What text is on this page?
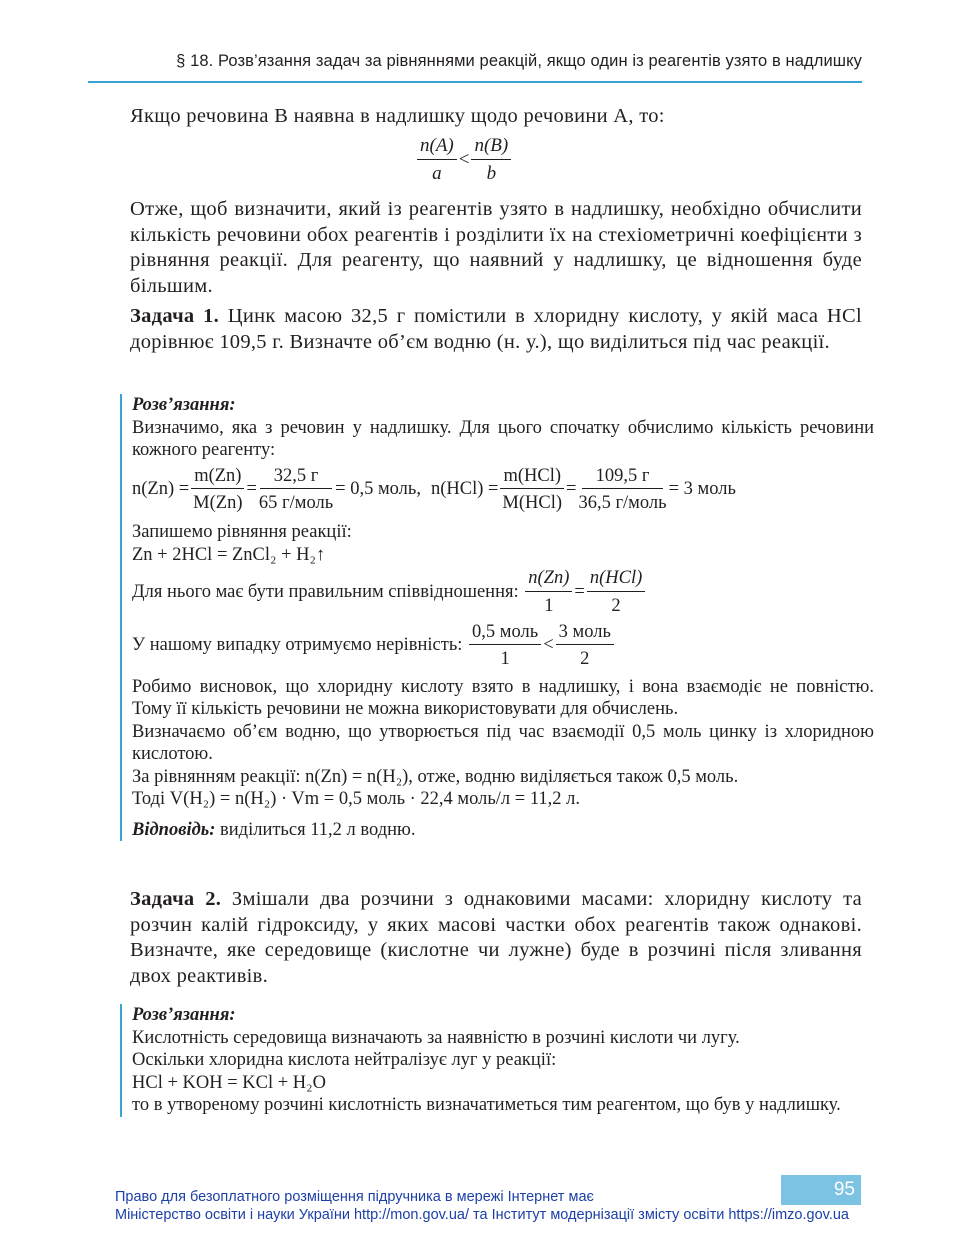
§ 18. Розв’язання задач за рівняннями реакцій, якщо один із реагентів узято в надлишку
Якщо речовина B наявна в надлишку щодо речовини A, то:
$\frac{n(A)}{a} < \frac{n(B)}{b}$
Отже, щоб визначити, який із реагентів узято в надлишку, необхідно обчислити кількість речовини обох реагентів і розділити їх на стехіометричні коефіцієнти з рівняння реакції. Для реагенту, що наявний у надлишку, це відношення буде більшим.
Задача 1. Цинк масою 32,5 г помістили в хлоридну кислоту, у якій маса HCl дорівнює 109,5 г. Визначте об’єм водню (н. у.), що виділиться під час реакції.

Розв’язання:

Визначимо, яка з речовин у надлишку. Для цього спочатку обчислимо кількість речовини кожного реагенту:

$n(Zn) = \frac{m(Zn)}{M(Zn)} = \frac{32,5 г}{\text{65 г/моль}} = 0,5$ моль, $n(HCl) = \frac{\text{m(HCl)}}{\text{M(HCl)}} = \frac{109,5 г}{\text{36,5 г/моль}} = 3$ моль

Запишемо рівняння реакції:

Zn + 2HCl = ZnCl₂ + H₂↑

Для нього має бути правильним співвідношення:
$\frac{n(Zn)}{1} = \frac{\text{n(HCl)}}{2}$
У нашому випадку отримуємо нерівність:
$\frac{\text{0,5 моль}}{1} < \frac{\text{3 моль}}{2}$

Робимо висновок, що хлоридну кислоту взято в надлишку, і вона взаємодіє не повністю. Тому її кількість речовини не можна використовувати для обчислень.

Визначаємо об’єм водню, що утворюється під час взаємодії 0,5 моль цинку із хлоридною кислотою.

За рівнянням реакції: n(Zn) = n(H₂), отже, водню виділяється також 0,5 моль.

Тоді V(H₂) = n(H₂) · Vm = 0,5 моль · 22,4 моль/л = 11,2 л.

Відповідь: виділиться 11,2 л водню.

Задача 2. Змішали два розчини з однаковими масами: хлоридну кислоту та розчин калій гідроксиду, у яких масові частки обох реагентів також однакові. Визначте, яке середовище (кислотне чи лужне) буде в розчині після зливання двох реактивів.

Розв’язання:

Кислотність середовища визначають за наявністю в розчині кислоти чи лугу. Оскільки хлоридна кислота нейтралізує луг у реакції:

HCl + KOH = KCl + H₂O

то в утвореному розчині кислотність визначатиметься тим реагентом, що був у надлишку.

95
Право для безоплатного розміщення підручника в мережі Інтернет має
Міністерство освіти і науки України http://mon.gov.ua/ та Інститут модернізації змісту освіти https://imzo.gov.ua
